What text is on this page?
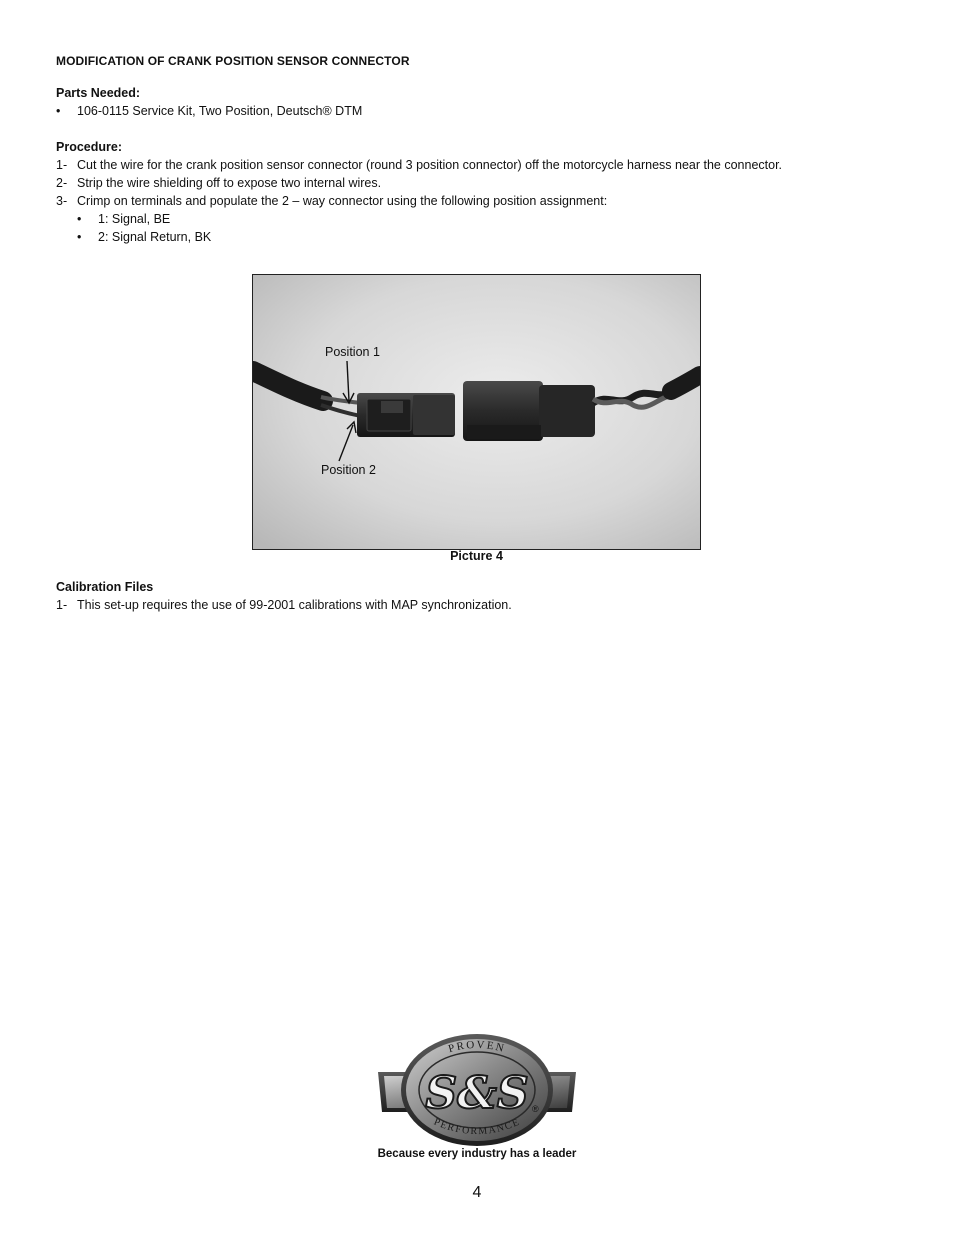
MODIFICATION OF CRANK POSITION SENSOR CONNECTOR
Parts Needed:
• 106-0115 Service Kit, Two Position, Deutsch® DTM
Procedure:
1- Cut the wire for the crank position sensor connector (round 3 position connector) off the motorcycle harness near the connector.
2- Strip the wire shielding off to expose two internal wires.
3- Crimp on terminals and populate the 2 – way connector using the following position assignment:
• 1: Signal, BE
• 2: Signal Return, BK
Position 1
Position 2
Picture 4
Calibration Files
1- This set-up requires the use of 99-2001 calibrations with MAP synchronization.
PROVEN
PERFORMANCE
S&S ®
Because every industry has a leader
4
